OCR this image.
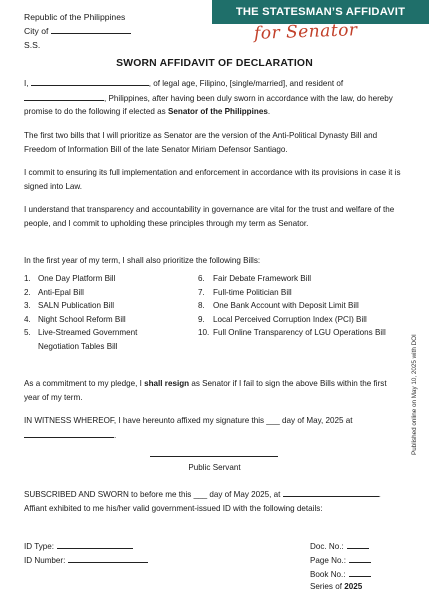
Republic of the Philippines
City of
S.S.
THE STATESMAN’S AFFIDAVIT
for Senator
SWORN AFFIDAVIT OF DECLARATION
I,	, of legal age, Filipino, [single/married], and resident of , Philippines, after having been duly sworn in accordance with the law, do hereby promise to do the following if elected as Senator of the Philippines.
The first two bills that I will prioritize as Senator are the version of the Anti-Political Dynasty Bill and Freedom of Information Bill of the late Senator Miriam Defensor Santiago.
I commit to ensuring its full implementation and enforcement in accordance with its provisions in case it is signed into Law.
I understand that transparency and accountability in governance are vital for the trust and welfare of the people, and I commit to upholding these principles through my term as Senator.
In the first year of my term, I shall also prioritize the following Bills:
1. One Day Platform Bill
2. Anti-Epal Bill
3. SALN Publication Bill
4. Night School Reform Bill
5. Live-Streamed Government Negotiation Tables Bill
6. Fair Debate Framework Bill
7. Full-time Politician Bill
8. One Bank Account with Deposit Limit Bill
9. Local Perceived Corruption Index (PCI) Bill
10. Full Online Transparency of LGU Operations Bill
As a commitment to my pledge, I shall resign as Senator if I fail to sign the above Bills within the first year of my term.
IN WITNESS WHEREOF, I have hereunto affixed my signature this ___ day of May, 2025 at .
Public Servant
SUBSCRIBED AND SWORN to before me this ___ day of May 2025, at	. Affiant exhibited to me his/her valid government-issued ID with the following details:
ID Type:
ID Number:
Doc. No.:
Page No.:
Book No.:
Series of 2025
Published online on May 10, 2025 with DOI
